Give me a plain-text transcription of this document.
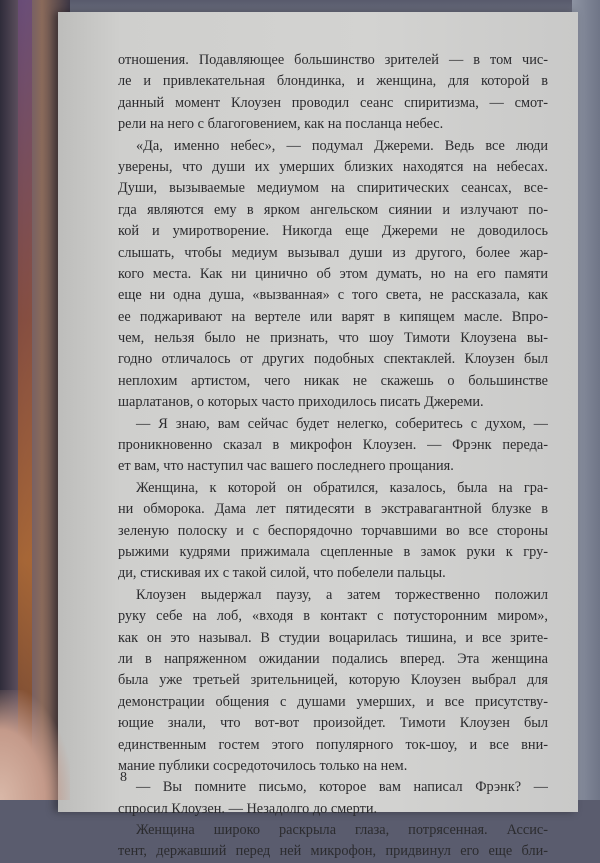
отношения. Подавляющее большинство зрителей — в том чис-
ле и привлекательная блондинка, и женщина, для которой в
данный момент Клоузен проводил сеанс спиритизма, — смот-
рели на него с благоговением, как на посланца небес.
«Да, именно небес», — подумал Джереми. Ведь все люди
уверены, что души их умерших близких находятся на небесах.
Души, вызываемые медиумом на спиритических сеансах, все-
гда являются ему в ярком ангельском сиянии и излучают по-
кой и умиротворение. Никогда еще Джереми не доводилось
слышать, чтобы медиум вызывал души из другого, более жар-
кого места. Как ни цинично об этом думать, но на его памяти
еще ни одна душа, «вызванная» с того света, не рассказала, как
ее поджаривают на вертеле или варят в кипящем масле. Впро-
чем, нельзя было не признать, что шоу Тимоти Клоузена вы-
годно отличалось от других подобных спектаклей. Клоузен был
неплохим артистом, чего никак не скажешь о большинстве
шарлатанов, о которых часто приходилось писать Джереми.
— Я знаю, вам сейчас будет нелегко, соберитесь с духом, —
проникновенно сказал в микрофон Клоузен. — Фрэнк переда-
ет вам, что наступил час вашего последнего прощания.
Женщина, к которой он обратился, казалось, была на гра-
ни обморока. Дама лет пятидесяти в экстравагантной блузке в
зеленую полоску и с беспорядочно торчавшими во все стороны
рыжими кудрями прижимала сцепленные в замок руки к гру-
ди, стискивая их с такой силой, что побелели пальцы.
Клоузен выдержал паузу, а затем торжественно положил
руку себе на лоб, «входя в контакт с потусторонним миром»,
как он это называл. В студии воцарилась тишина, и все зрите-
ли в напряженном ожидании подались вперед. Эта женщина
была уже третьей зрительницей, которую Клоузен выбрал для
демонстрации общения с душами умерших, и все присутству-
ющие знали, что вот-вот произойдет. Тимоти Клоузен был
единственным гостем этого популярного ток-шоу, и все вни-
мание публики сосредоточилось только на нем.
— Вы помните письмо, которое вам написал Фрэнк? —
спросил Клоузен. — Незадолго до смерти.
Женщина широко раскрыла глаза, потрясенная. Ассис-
тент, державший перед ней микрофон, придвинул его еще бли-
8
